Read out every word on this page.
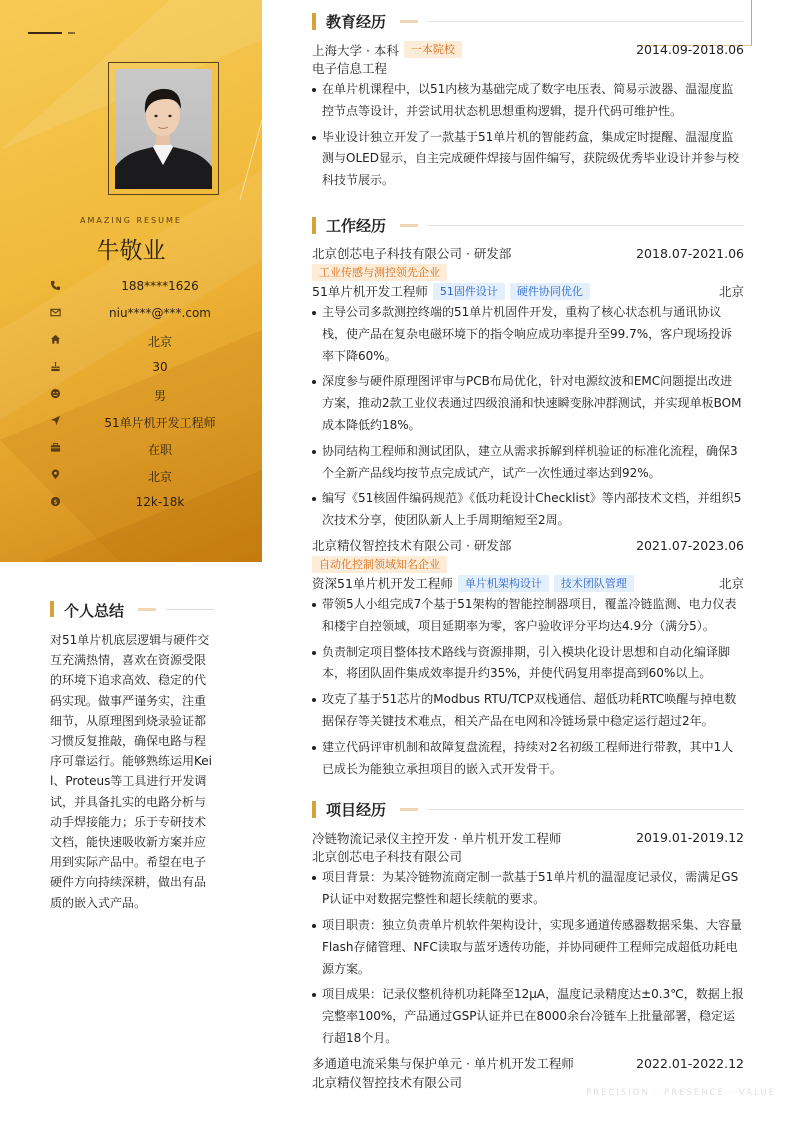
AMAZING RESUME
牛敬业
188****1626
niu****@***.com
北京
30
男
51单片机开发工程师
在职
北京
$	12k-18k
个人总结
对51单片机底层逻辑与硬件交互充满热情，喜欢在资源受限的环境下追求高效、稳定的代码实现。做事严谨务实，注重细节，从原理图到烧录验证都习惯反复推敲，确保电路与程序可靠运行。能够熟练运用Keil、Proteus等工具进行开发调试，并具备扎实的电路分析与动手焊接能力；乐于专研技术文档，能快速吸收新方案并应用到实际产品中。希望在电子硬件方向持续深耕，做出有品质的嵌入式产品。
教育经历
上海大学 · 本科	一本院校	2014.09-2018.06
电子信息工程
在单片机课程中，以51内核为基础完成了数字电压表、简易示波器、温湿度监控节点等设计，并尝试用状态机思想重构逻辑，提升代码可维护性。
毕业设计独立开发了一款基于51单片机的智能药盒，集成定时提醒、温湿度监测与OLED显示，自主完成硬件焊接与固件编写，获院级优秀毕业设计并参与校科技节展示。
工作经历
北京创芯电子科技有限公司 · 研发部	2018.07-2021.06
工业传感与测控领先企业
51单片机开发工程师	51固件设计	硬件协同优化	北京
主导公司多款测控终端的51单片机固件开发，重构了核心状态机与通讯协议栈，使产品在复杂电磁环境下的指令响应成功率提升至99.7%，客户现场投诉率下降60%。
深度参与硬件原理图评审与PCB布局优化，针对电源纹波和EMC问题提出改进方案，推动2款工业仪表通过四级浪涌和快速瞬变脉冲群测试，并实现单板BOM成本降低约18%。
协同结构工程师和测试团队，建立从需求拆解到样机验证的标准化流程，确保3个全新产品线均按节点完成试产，试产一次性通过率达到92%。
编写《51核固件编码规范》《低功耗设计Checklist》等内部技术文档，并组织5次技术分享，使团队新人上手周期缩短至2周。
北京精仪智控技术有限公司 · 研发部	2021.07-2023.06
自动化控制领域知名企业
资深51单片机开发工程师	单片机架构设计	技术团队管理	北京
带领5人小组完成7个基于51架构的智能控制器项目，覆盖冷链监测、电力仪表和楼宇自控领域，项目延期率为零，客户验收评分平均达4.9分（满分5）。
负责制定项目整体技术路线与资源排期，引入模块化设计思想和自动化编译脚本，将团队固件集成效率提升约35%，并使代码复用率提高到60%以上。
攻克了基于51芯片的Modbus RTU/TCP双栈通信、超低功耗RTC唤醒与掉电数据保存等关键技术难点，相关产品在电网和冷链场景中稳定运行超过2年。
建立代码评审机制和故障复盘流程，持续对2名初级工程师进行带教，其中1人已成长为能独立承担项目的嵌入式开发骨干。
项目经历
冷链物流记录仪主控开发 · 单片机开发工程师	2019.01-2019.12
北京创芯电子科技有限公司
项目背景：为某冷链物流商定制一款基于51单片机的温湿度记录仪，需满足GSP认证中对数据完整性和超长续航的要求。
项目职责：独立负责单片机软件架构设计，实现多通道传感器数据采集、大容量Flash存储管理、NFC读取与蓝牙透传功能，并协同硬件工程师完成超低功耗电源方案。
项目成果：记录仪整机待机功耗降至12μA，温度记录精度达±0.3℃，数据上报完整率100%，产品通过GSP认证并已在8000余台冷链车上批量部署，稳定运行超18个月。
多通道电流采集与保护单元 · 单片机开发工程师	2022.01-2022.12
北京精仪智控技术有限公司
PRECISION · PRESENCE · VALUE
